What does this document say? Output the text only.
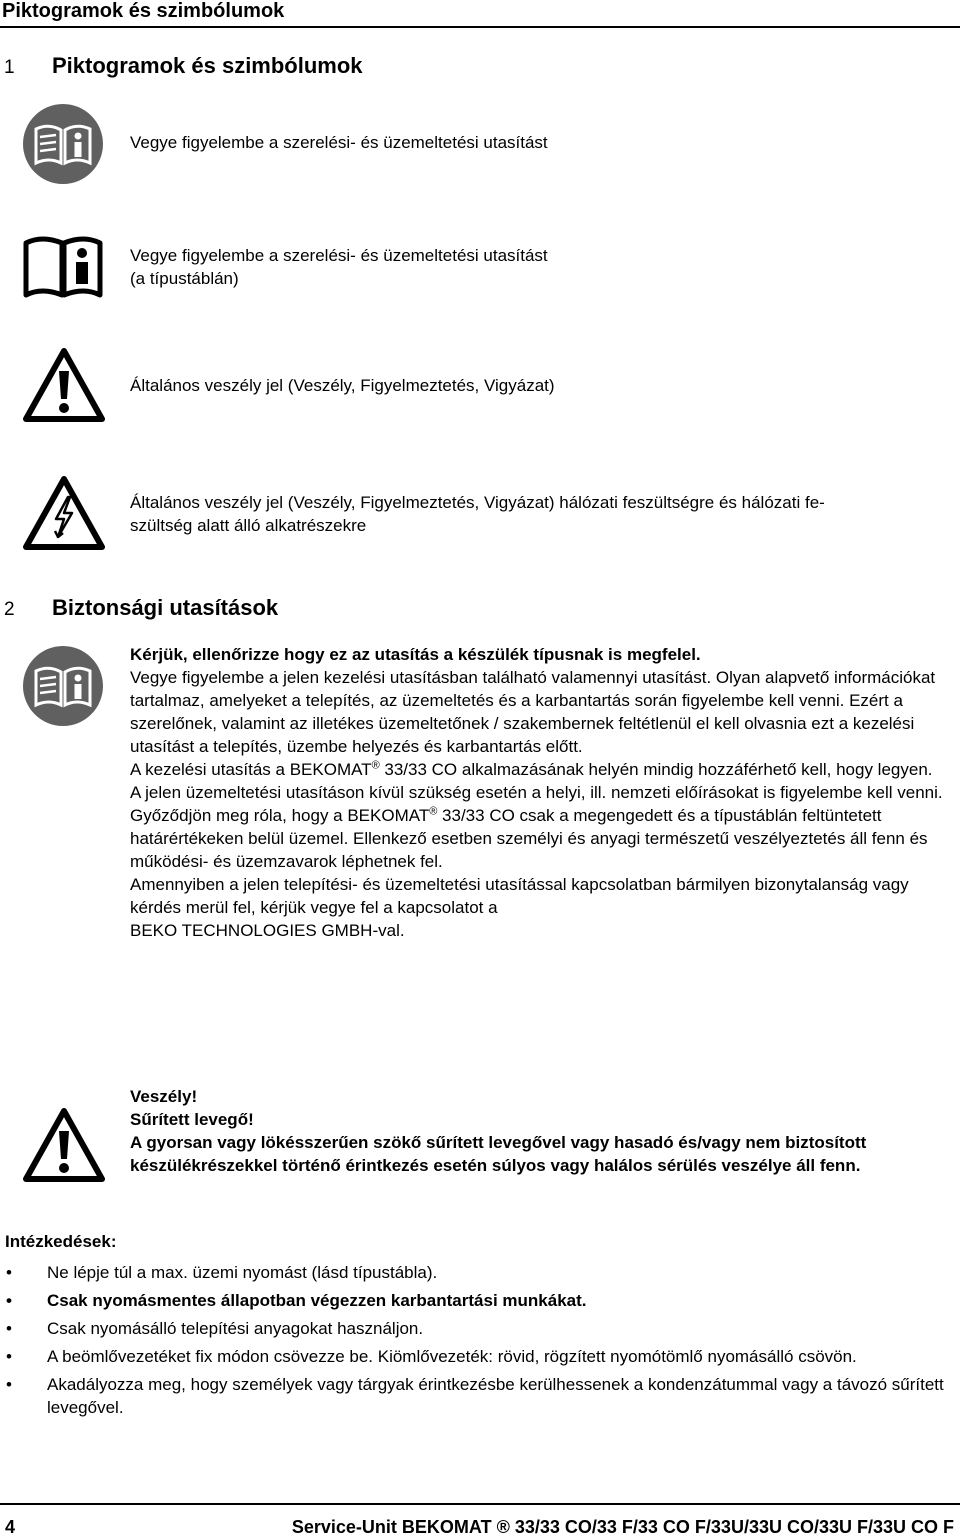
Piktogramok és szimbólumok
1 Piktogramok és szimbólumok
Vegye figyelembe a szerelési- és üzemeltetési utasítást

Vegye figyelembe a szerelési- és üzemeltetési utasítást

(a típustáblán)

Általános veszély jel (Veszély, Figyelmeztetés, Vigyázat)

Általános veszély jel (Veszély, Figyelmeztetés, Vigyázat) hálózati feszültségre és hálózati fe-

szültség alatt álló alkatrészekre

2 Biztonsági utasítások

Kérjük, ellenőrizze hogy ez az utasítás a készülék típusnak is megfelel.

Vegye figyelembe a jelen kezelési utasításban található valamennyi utasítást. Olyan alapvető információkat tartalmaz, amelyeket a telepítés, az üzemeltetés és a karbantartás során figyelembe kell venni. Ezért a szerelőnek, valamint az illetékes üzemeltetőnek / szakembernek feltétlenül el kell olvasnia ezt a kezelési utasítást a telepítés, üzembe helyezés és karbantartás előtt.

A kezelési utasítás a BEKOMAT® 33/33 CO alkalmazásának helyén mindig hozzáférhető kell, hogy legyen.

A jelen üzemeltetési utasításon kívül szükség esetén a helyi, ill. nemzeti előírásokat is figyelembe kell venni.

Győződjön meg róla, hogy a BEKOMAT® 33/33 CO csak a megengedett és a típustáblán feltüntetett határértékeken belül üzemel. Ellenkező esetben személyi és anyagi természetű veszélyeztetés áll fenn és működési- és üzemzavarok léphetnek fel.

Amennyiben a jelen telepítési- és üzemeltetési utasítással kapcsolatban bármilyen bizonytalanság vagy kérdés merül fel, kérjük vegye fel a kapcsolatot a
BEKO TECHNOLOGIES GMBH-val.

Veszély!

Sűrített levegő!

A gyorsan vagy lökésszerűen szökő sűrített levegővel vagy hasadó és/vagy nem biztosított készülékrészekkel történő érintkezés esetén súlyos vagy halálos sérülés veszélye áll fenn.

Intézkedések:
• Ne lépje túl a max. üzemi nyomást (lásd típustábla).
• Csak nyomásmentes állapotban végezzen karbantartási munkákat.
• Csak nyomásálló telepítési anyagokat használjon.
• A beömlővezetéket fix módon csövezze be. Kiömlővezeték: rövid, rögzített nyomótömlő nyomásálló csövön.
• Akadályozza meg, hogy személyek vagy tárgyak érintkezésbe kerülhessenek a kondenzátummal vagy a távozó sűrített levegővel.
4	Service-Unit BEKOMAT ® 33/33 CO/33 F/33 CO F/33U/33U CO/33U F/33U CO F
